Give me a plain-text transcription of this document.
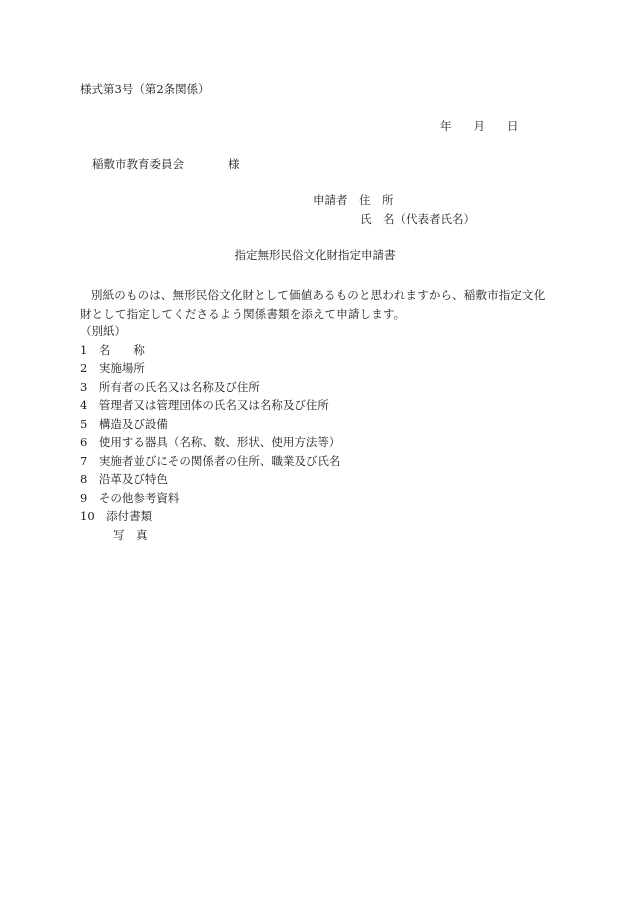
様式第3号（第2条関係）
年 月 日
稲敷市教育委員会	様
申請者　 住　所
氏　名（代表者氏名）
指定無形民俗文化財指定申請書
別紙のものは、無形民俗文化財として価値あるものと思われますから、稲敷市指定文化財として指定してくださるよう関係書類を添えて申請します。
（別紙）
1　名　　称
2　実施場所
3　所有者の氏名又は名称及び住所
4　管理者又は管理団体の氏名又は名称及び住所
5　構造及び設備
6　使用する器具（名称、数、形状、使用方法等）
7　実施者並びにその関係者の住所、職業及び氏名
8　沿革及び特色
9　その他参考資料
10　添付書類
写　真
